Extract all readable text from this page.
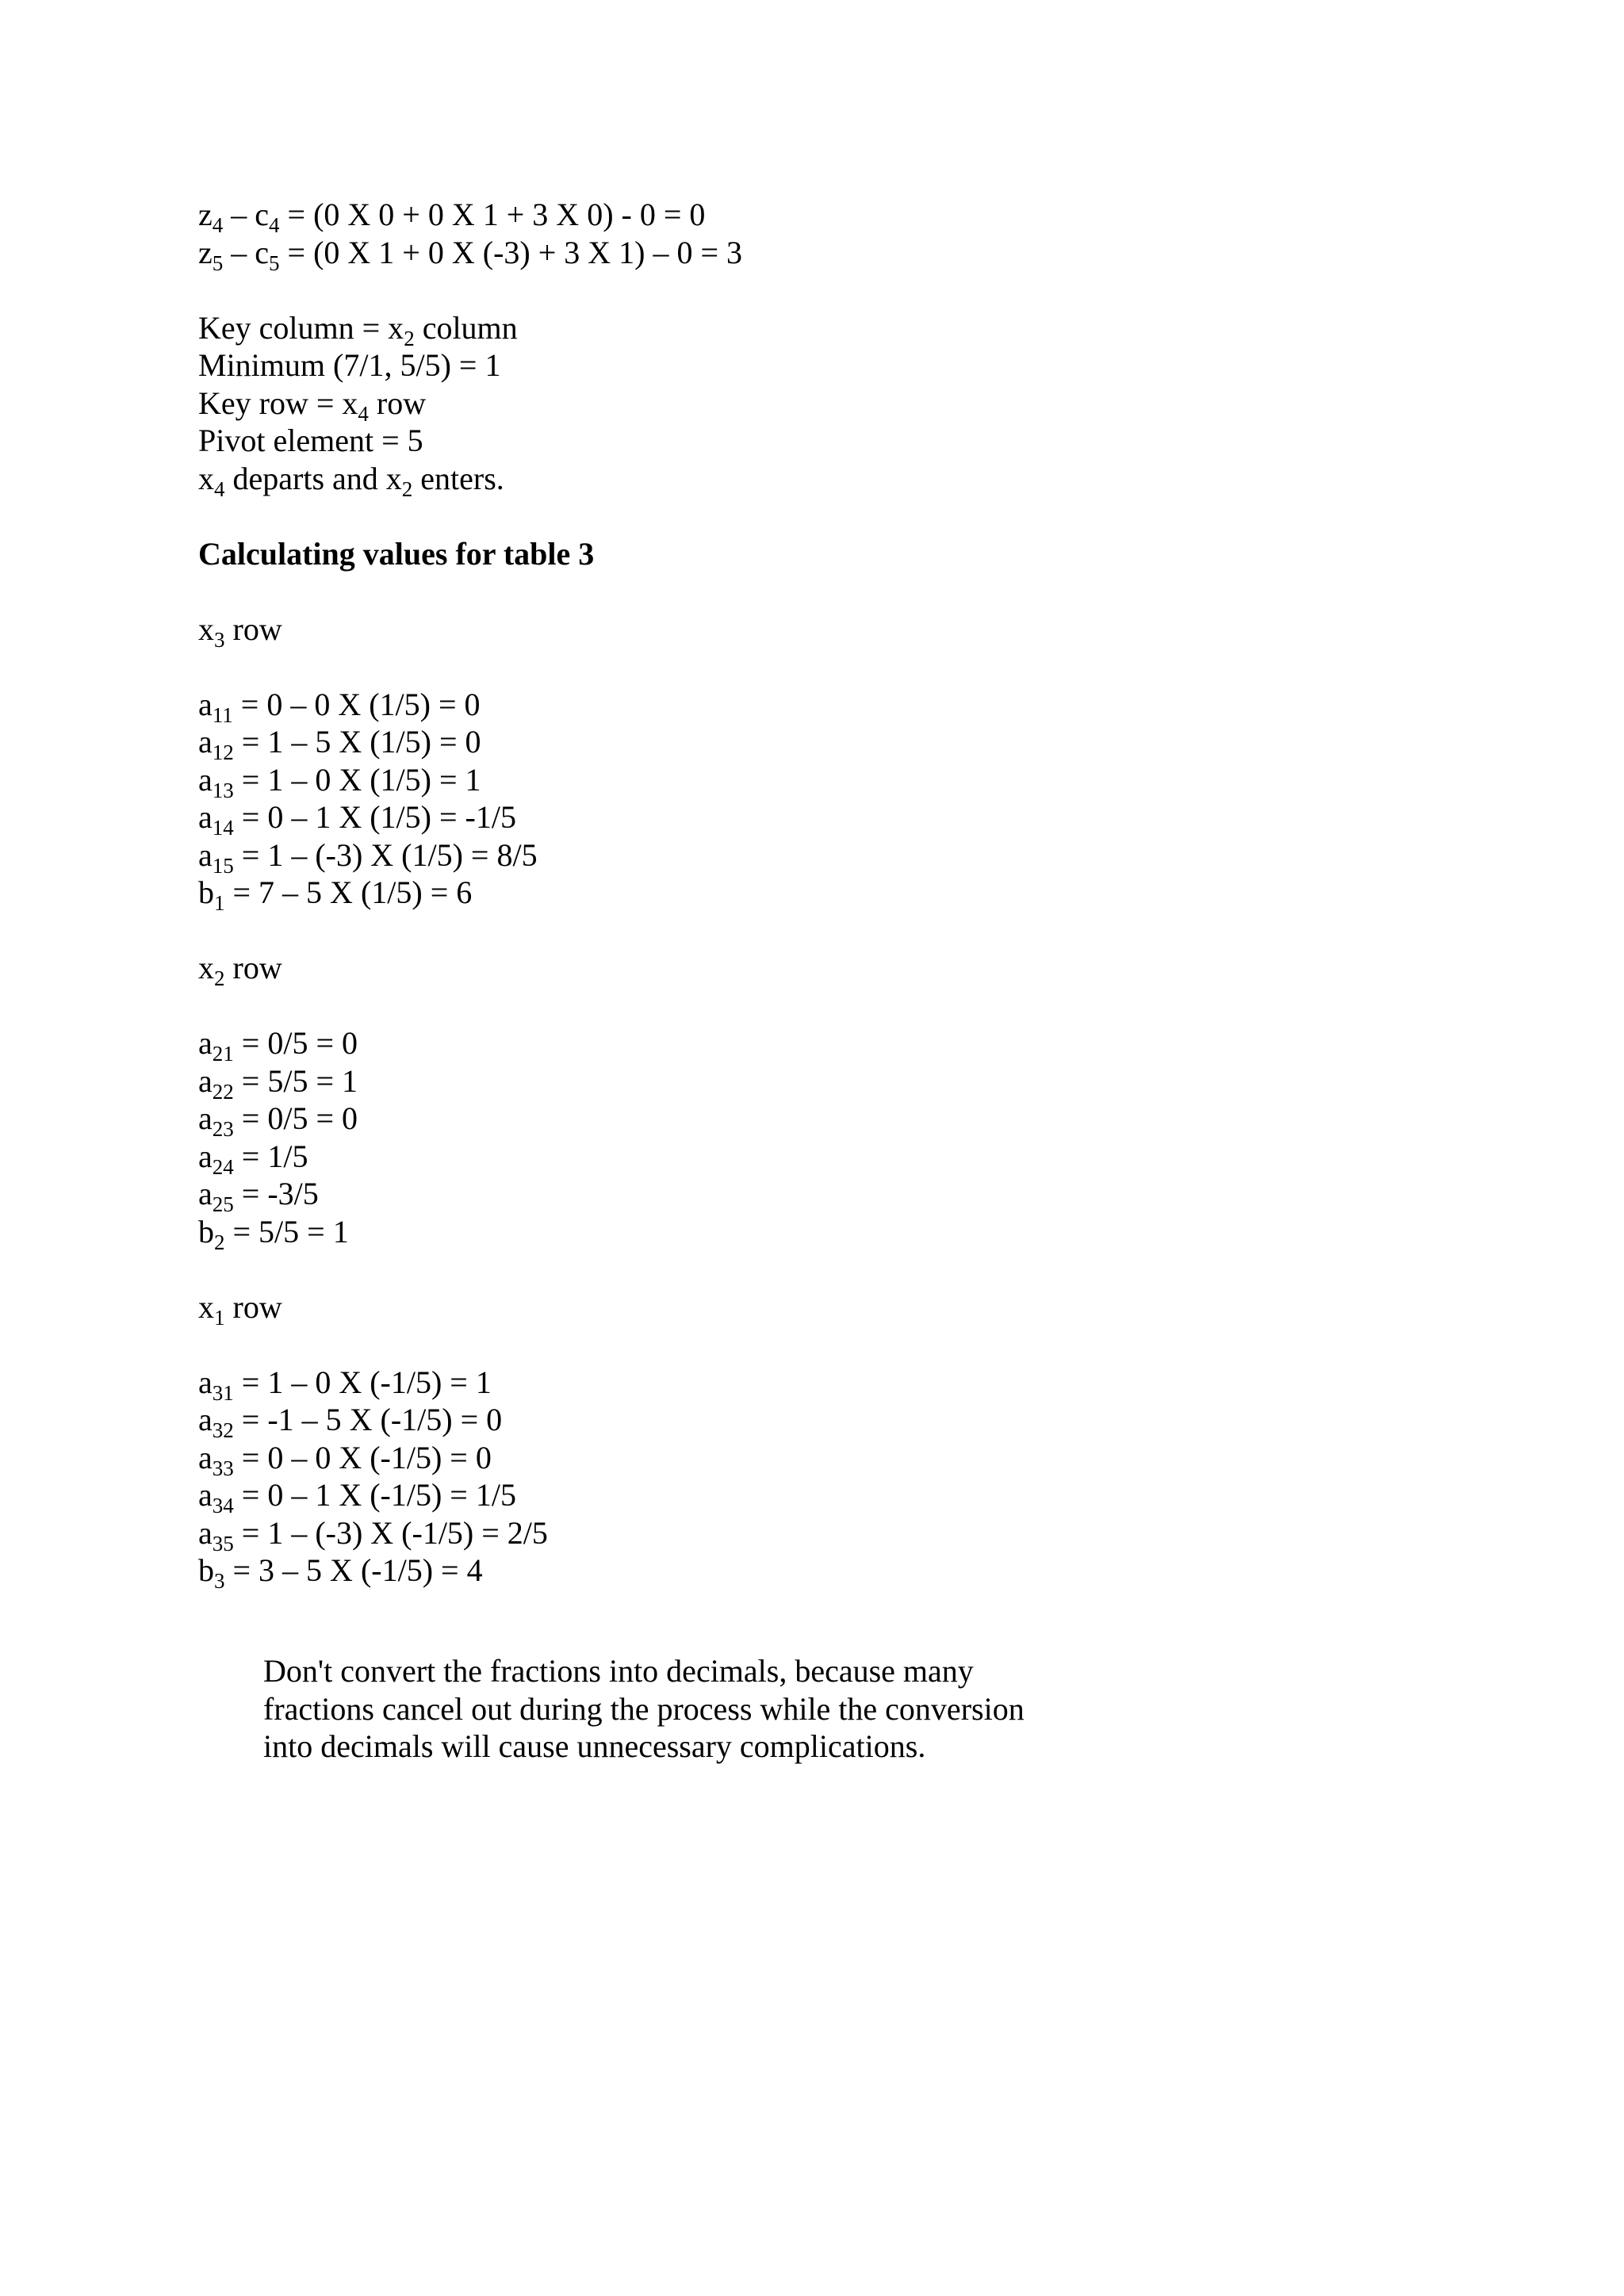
$z_4 - c_4 = (0$ X 0 + 0 X 1 + 3 X 0) - 0 = 0
$z_5 - c_5 = (0$ X 1 + 0 X (-3) + 3 X 1) – 0 = 3
Key column = $x_2$ column
Minimum (7/1, 5/5) = 1
Key row = $x_4$ row
Pivot element = 5
$x_4$ departs and $x_2$ enters.
Calculating values for table 3
$x_3$ row
$a_{11} = 0 - 0$ X (1/5) = 0
$a_{12} = 1 - 5$ X (1/5) = 0
$a_{13} = 1 - 0$ X (1/5) = 1
$a_{14} = 0 - 1$ X (1/5) = -1/5
$a_{15} = 1 - (-3)$ X (1/5) = 8/5
$b_1 = 7 - 5$ X (1/5) = 6
$x_2$ row
$a_{21} = 0/5 = 0$
$a_{22} = 5/5 = 1$
$a_{23} = 0/5 = 0$
$a_{24} = 1/5$
$a_{25} = -3/5$
$b_2 = 5/5 = 1$
$x_1$ row
$a_{31} = 1 - 0$ X (-1/5) = 1
$a_{32} = -1 - 5$ X (-1/5) = 0
$a_{33} = 0 - 0$ X (-1/5) = 0
$a_{34} = 0 - 1$ X (-1/5) = 1/5
$a_{35} = 1 - (-3)$ X (-1/5) = 2/5
$b_3 = 3 - 5$ X (-1/5) = 4
Don't convert the fractions into decimals, because many
fractions cancel out during the process while the conversion
into decimals will cause unnecessary complications.
